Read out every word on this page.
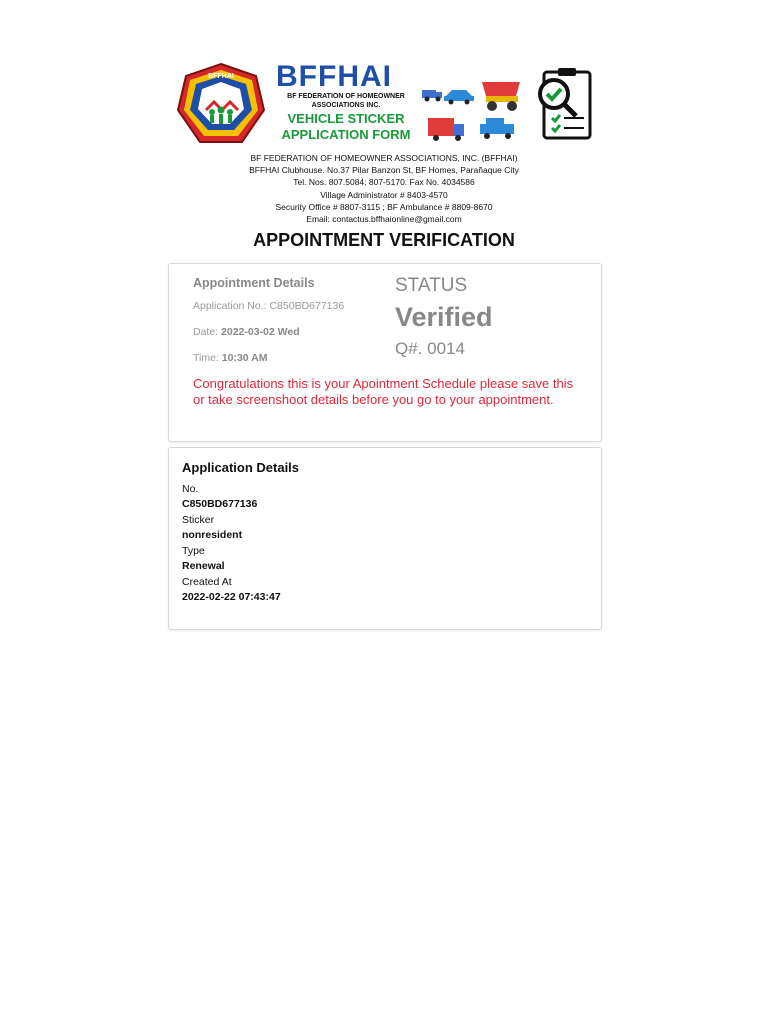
BFFHAI BFFHAI
BF FEDERATION OF HOMEOWNER
ASSOCIATIONS INC.
VEHICLE STICKER
APPLICATION FORM
BF FEDERATION OF HOMEOWNER ASSOCIATIONS, INC. (BFFHAI)
BFFHAI Clubhouse. No.37 Pilar Banzon St, BF Homes, Parañaque City
Tel. Nos. 807.5084; 807-5170. Fax No. 4034586
Village Administrator # 8403-4570
Security Office # 8807-3115 ; BF Ambulance # 8809-8670
Email: contactus.bffhaionline@gmail.com
APPOINTMENT VERIFICATION
Appointment Details
Application No.: C850BD677136
Date: 2022-03-02 Wed
Time: 10:30 AM
STATUS
Verified
Q#. 0014
Congratulations this is your Apointment Schedule please save this or take screenshoot details before you go to your appointment.
Application Details
No.
C850BD677136
Sticker
nonresident
Type
Renewal
Created At
2022-02-22 07:43:47
